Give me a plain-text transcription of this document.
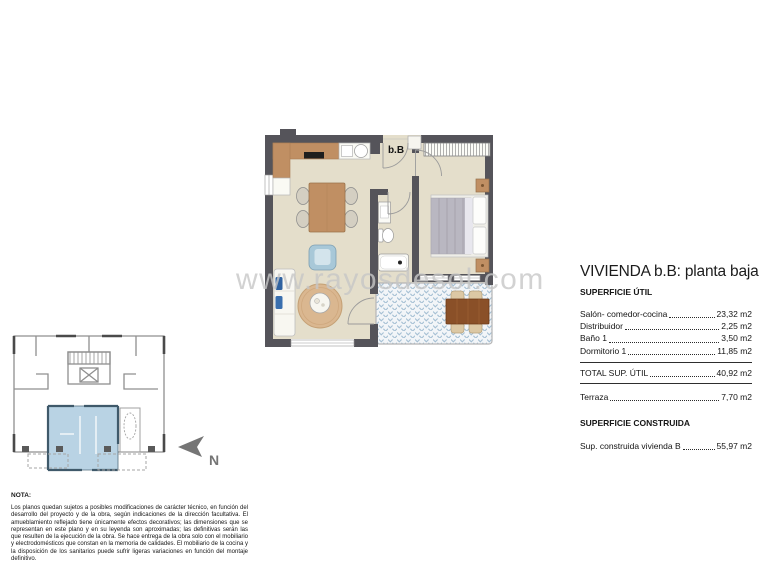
b.B
www.rayosdesol.com
N
VIVIENDA b.B: planta baja
SUPERFICIE ÚTIL
Salón- comedor-cocina	23,32 m2
Distribuidor	2,25 m2
Baño 1	3,50 m2
Dormitorio 1	11,85 m2
TOTAL SUP. ÚTIL	40,92 m2
Terraza	7,70 m2
SUPERFICIE CONSTRUIDA
Sup. construida vivienda B	55,97 m2
NOTA:

Los planos quedan sujetos a posibles modificaciones de carácter técnico, en función del desarrollo del proyecto y de la obra, según indicaciones de la dirección facultativa. El amueblamiento reflejado tiene únicamente efectos decorativos; las dimensiones que se representan en este plano y en su leyenda son aproximadas; las definitivas serán las que resulten de la ejecución de la obra. Se hace entrega de la obra solo con el mobiliario y electrodomésticos que constan en la memoria de calidades. El mobiliario de la cocina y la disposición de los sanitarios puede sufrir ligeras variaciones en función del montaje definitivo.
